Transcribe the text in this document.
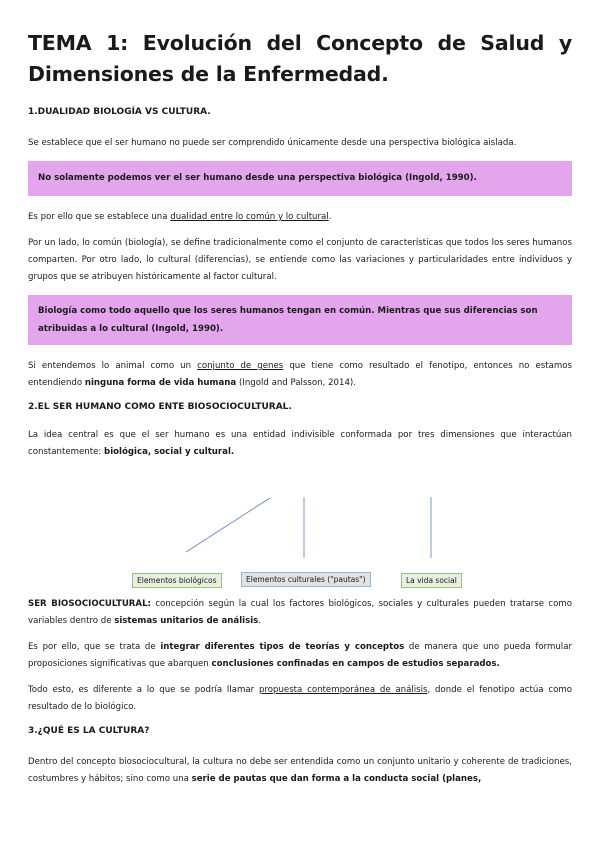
TEMA 1: Evolución del Concepto de Salud y
Dimensiones de la Enfermedad.
1.DUALIDAD BIOLOGÍA VS CULTURA.

Se establece que el ser humano no puede ser comprendido únicamente desde una perspectiva biológica aislada.

No solamente podemos ver el ser humano desde una perspectiva biológica (Ingold, 1990).

Es por ello que se establece una dualidad entre lo común y lo cultural.

Por un lado, lo común (biología), se define tradicionalmente como el conjunto de características que todos los seres humanos comparten. Por otro lado, lo cultural (diferencias), se entiende como las variaciones y particularidades entre individuos y grupos que se atribuyen históricamente al factor cultural.

Biología como todo aquello que los seres humanos tengan en común. Mientras que sus diferencias son atribuidas a lo cultural (Ingold, 1990).

Si entendemos lo animal como un conjunto de genes que tiene como resultado el fenotipo, entonces no estamos entendiendo ninguna forma de vida humana (Ingold and Palsson, 2014).

2.EL SER HUMANO COMO ENTE BIOSOCIOCULTURAL.

La idea central es que el ser humano es una entidad indivisible conformada por tres dimensiones que interactúan constantemente: biológica, social y cultural.

Elementos biológicos	Elementos culturales ("pautas")	La vida social

SER BIOSOCIOCULTURAL: concepción según la cual los factores biológicos, sociales y culturales pueden tratarse como variables dentro de sistemas unitarios de análisis.

Es por ello, que se trata de integrar diferentes tipos de teorías y conceptos de manera que uno pueda formular proposiciones significativas que abarquen conclusiones confinadas en campos de estudios separados.

Todo esto, es diferente a lo que se podría llamar propuesta contemporánea de análisis, donde el fenotipo actúa como resultado de lo biológico.

3.¿QUÉ ES LA CULTURA?

Dentro del concepto biosociocultural, la cultura no debe ser entendida como un conjunto unitario y coherente de tradiciones, costumbres y hábitos; sino como una serie de pautas que dan forma a la conducta social (planes,
